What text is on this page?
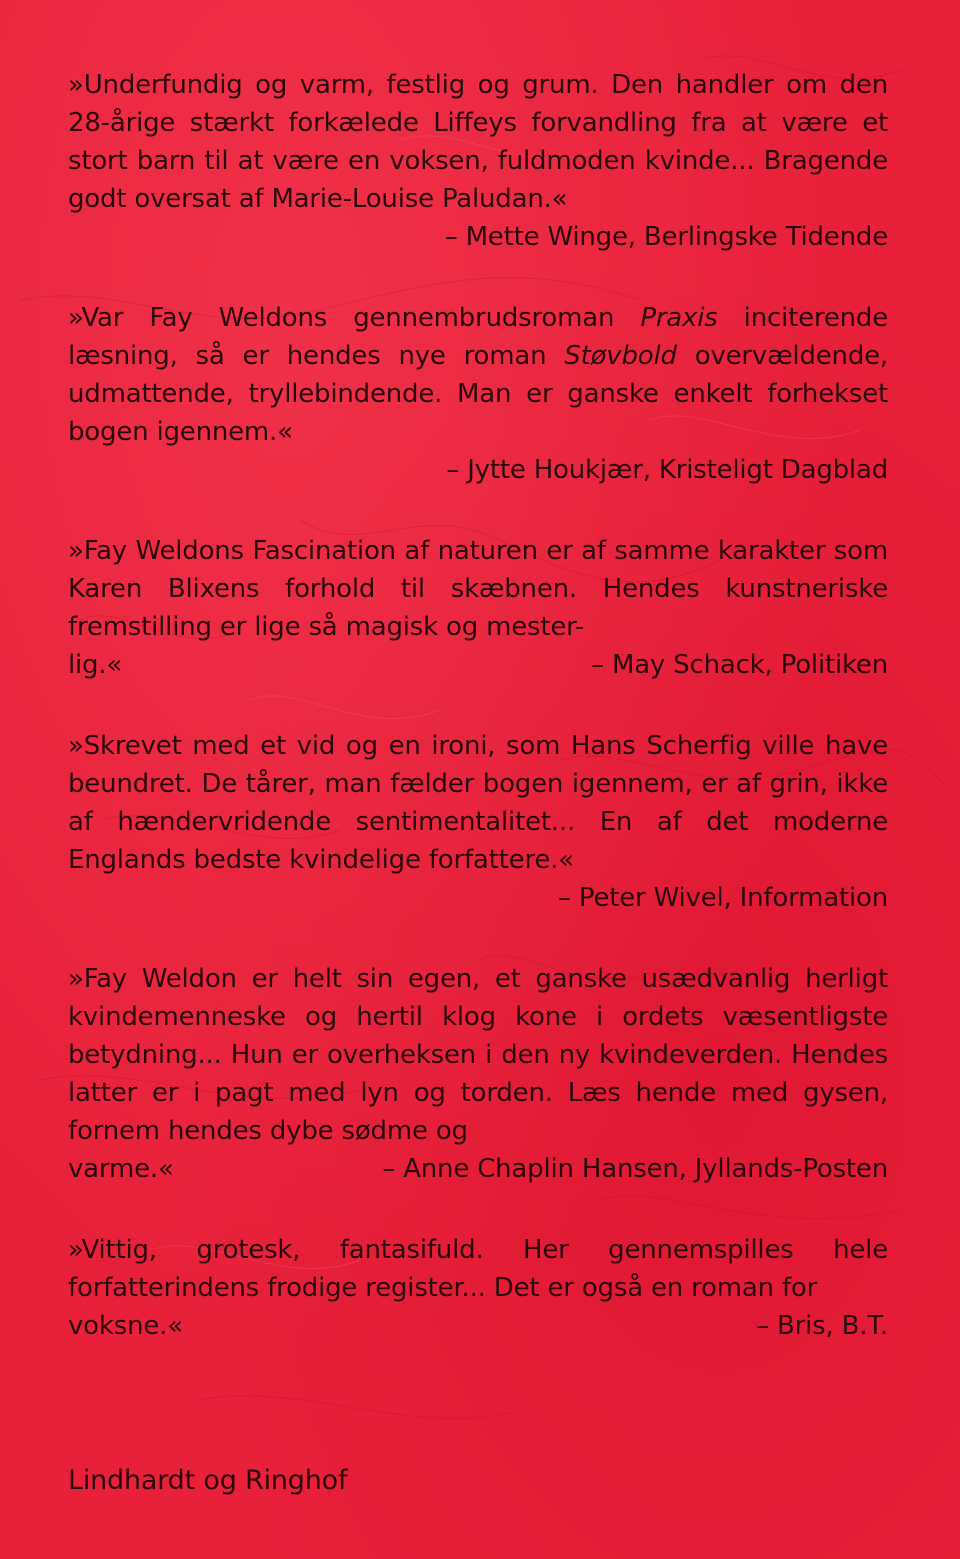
»Underfundig og varm, festlig og grum. Den handler om den 28-årige stærkt forkælede Liffeys forvandling fra at være et stort barn til at være en voksen, fuldmoden kvinde... Bragende godt oversat af Marie-Louise Paludan.«

– Mette Winge, Berlingske Tidende

»Var Fay Weldons gennembrudsroman Praxis inciterende læsning, så er hendes nye roman Støvbold overvældende, udmattende, tryllebindende. Man er ganske enkelt forhekset bogen igennem.«

– Jytte Houkjær, Kristeligt Dagblad

»Fay Weldons Fascination af naturen er af samme karakter som Karen Blixens forhold til skæbnen. Hendes kunstneriske fremstilling er lige så magisk og mester-

lig.«	– May Schack, Politiken

»Skrevet med et vid og en ironi, som Hans Scherfig ville have beundret. De tårer, man fælder bogen igennem, er af grin, ikke af hændervridende sentimentalitet... En af det moderne Englands bedste kvindelige forfattere.«

– Peter Wivel, Information

»Fay Weldon er helt sin egen, et ganske usædvanlig herligt kvindemenneske og hertil klog kone i ordets væsentligste betydning... Hun er overheksen i den ny kvindeverden. Hendes latter er i pagt med lyn og torden. Læs hende med gysen, fornem hendes dybe sødme og

varme.«	– Anne Chaplin Hansen, Jyllands-Posten

»Vittig, grotesk, fantasifuld. Her gennemspilles hele forfatterindens frodige register... Det er også en roman for

voksne.«	– Bris, B.T.
Lindhardt og Ringhof
